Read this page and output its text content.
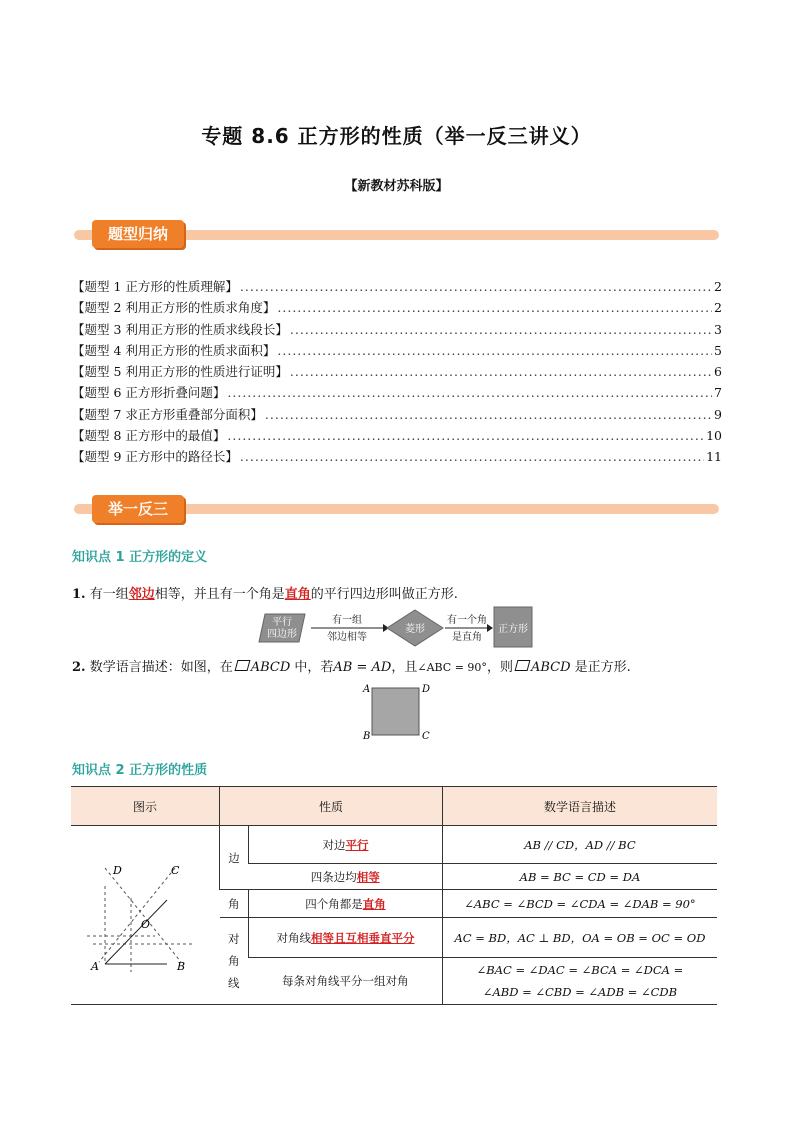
专题 8.6 正方形的性质（举一反三讲义）
【新教材苏科版】
题型归纳
【题型 1 正方形的性质理解】 .....	2
【题型 2 利用正方形的性质求角度】 .....	2
【题型 3 利用正方形的性质求线段长】 .....	3
【题型 4 利用正方形的性质求面积】 .....	5
【题型 5 利用正方形的性质进行证明】 .....	6
【题型 6 正方形折叠问题】 .....	7
【题型 7 求正方形重叠部分面积】 .....	9
【题型 8 正方形中的最值】 .....	10
【题型 9 正方形中的路径长】 .....	11
举一反三
知识点 1 正方形的定义
1. 有一组邻边相等，并且有一个角是直角的平行四边形叫做正方形.
平行
四边形
有一组
邻边相等
菱形
有一个角
是直角
正方形
2. 数学语言描述：如图，在 ABCD 中，若AB = AD，且∠ABC = 90°，则 ABCD 是正方形.
A	D
B	C
知识点 2 正方形的性质
图示	性质		数学语言描述

D C
O
A B	边	对边平行	AB // CD，AD // BC
		四条边均相等	AB = BC = CD = DA
	角	四个角都是直角	∠ABC = ∠BCD = ∠CDA = ∠DAB = 90°
	对
角
线	对角线相等且互相垂直平分	AC = BD，AC ⊥ BD，OA = OB = OC = OD
		每条对角线平分一组对角	∠BAC = ∠DAC = ∠BCA = ∠DCA =
∠ABD = ∠CBD = ∠ADB = ∠CDB
